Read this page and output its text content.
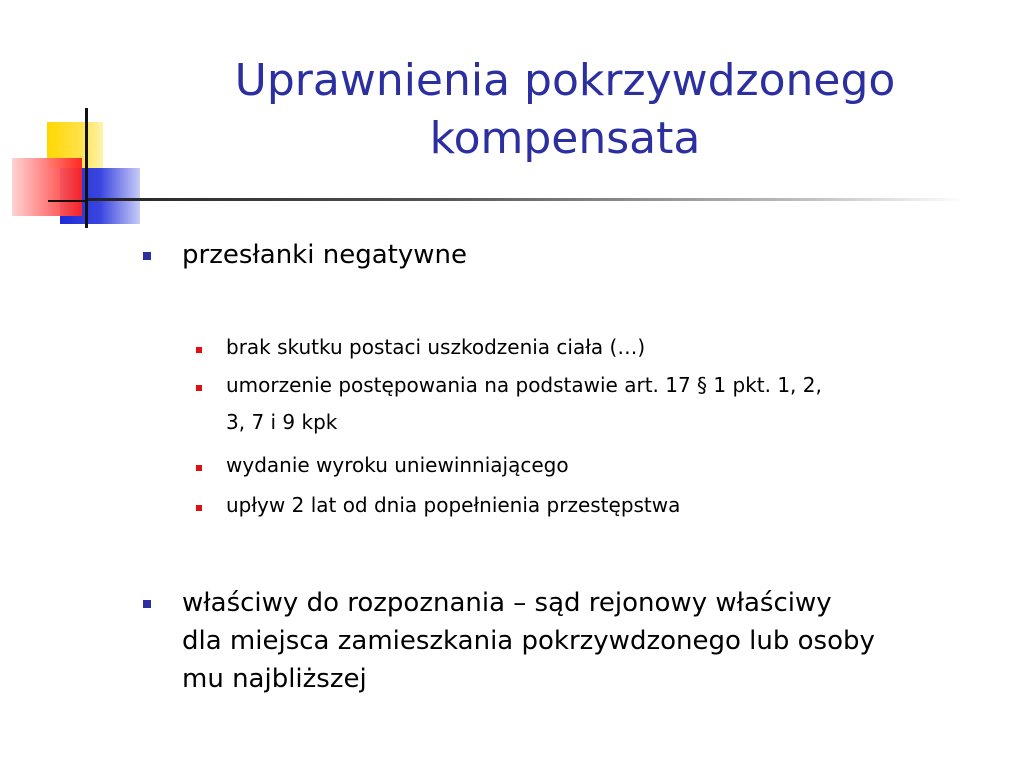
Uprawnienia pokrzywdzonego
kompensata
przesłanki negatywne
brak skutku postaci uszkodzenia ciała (…)
umorzenie postępowania na podstawie art. 17 § 1 pkt. 1, 2,
3, 7 i 9 kpk
wydanie wyroku uniewinniającego
upływ 2 lat od dnia popełnienia przestępstwa
właściwy do rozpoznania – sąd rejonowy właściwy
dla miejsca zamieszkania pokrzywdzonego lub osoby
mu najbliższej
